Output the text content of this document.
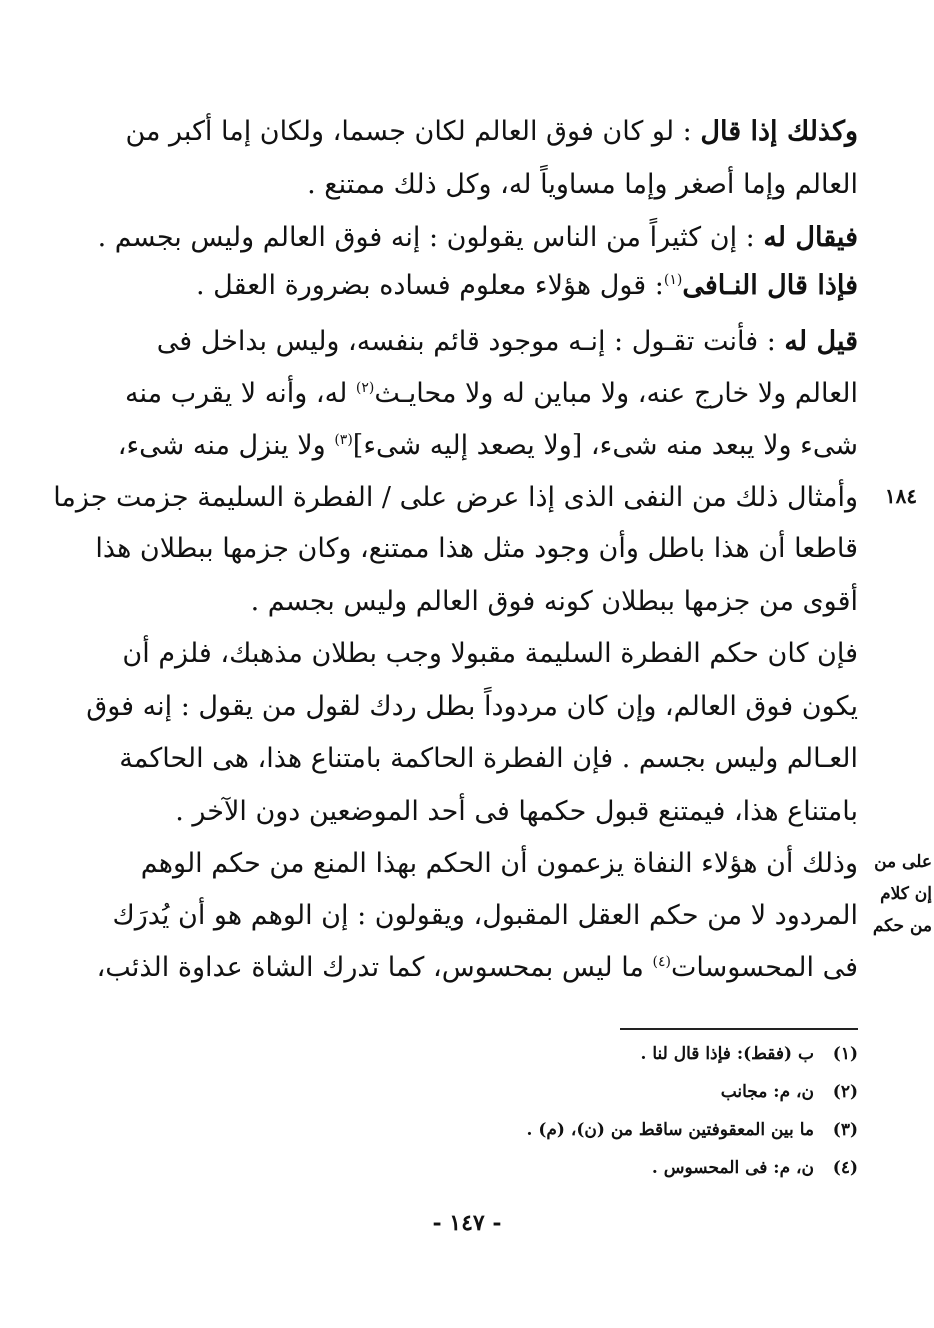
وكذلك إذا قال : لو كان فوق العالم لكان جسما، ولكان إما أكبر من
العالم وإما أصغر وإما مساوياً له، وكل ذلك ممتنع .
فيقال له : إن كثيراً من الناس يقولون : إنه فوق العالم وليس بجسم .
فإذا قال النـافى$^{(١)}$: قول هؤلاء معلوم فساده بضرورة العقل .
قيل له : فأنت تقـول : إنـه موجود قائم بنفسه، وليس بداخل فى
العالم ولا خارج عنه، ولا مباين له ولا محايـث$^{(٢)}$ له، وأنه لا يقرب منه
شىء ولا يبعد منه شىء، [ولا يصعد إليه شىء]$^{(٣)}$ ولا ينزل منه شىء،
وأمثال ذلك من النفى الذى إذا عرض على / الفطرة السليمة جزمت جزما
قاطعا أن هذا باطل وأن وجود مثل هذا ممتنع، وكان جزمها ببطلان هذا
أقوى من جزمها ببطلان كونه فوق العالم وليس بجسم .
فإن كان حكم الفطرة السليمة مقبولا وجب بطلان مذهبك، فلزم أن
يكون فوق العالم، وإن كان مردوداً بطل ردك لقول من يقول : إنه فوق
العـالم وليس بجسم . فإن الفطرة الحاكمة بامتناع هذا، هى الحاكمة
بامتناع هذا، فيمتنع قبول حكمها فى أحد الموضعين دون الآخر .
وذلك أن هؤلاء النفاة يزعمون أن الحكم بهذا المنع من حكم الوهم
المردود لا من حكم العقل المقبول، ويقولون : إن الوهم هو أن يُدرَك
فى المحسوسات$^{(٤)}$ ما ليس بمحسوس، كما تدرك الشاة عداوة الذئب،
١٨٤
على من
إن كلام
من حكم
(١)ب (فقط): فإذا قال لنا .
(٢)ن، م: مجانب
(٣)ما بين المعقوفتين ساقط من (ن)، (م) .
(٤)ن، م: فى المحسوس .
- ١٤٧ -
